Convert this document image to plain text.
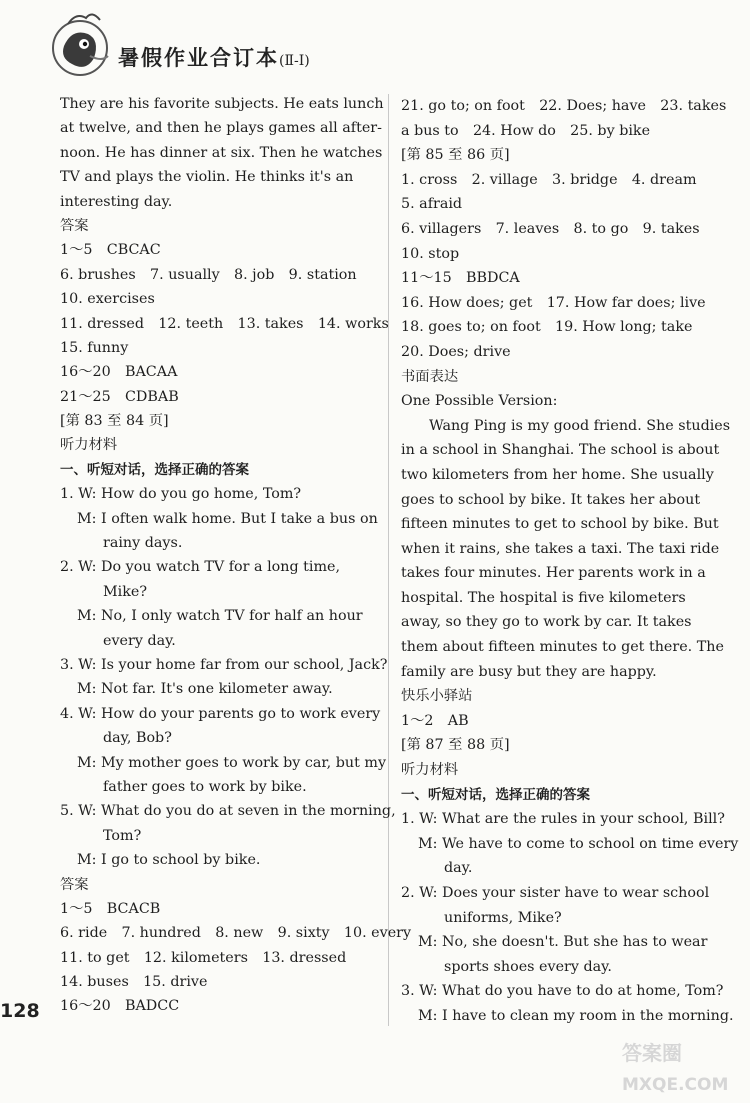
暑假作业合订本(Ⅱ-Ⅰ)
They are his favorite subjects. He eats lunch
at twelve, and then he plays games all after-
noon. He has dinner at six. Then he watches
TV and plays the violin. He thinks it's an
interesting day.
答案
1～5　CBCAC
6. brushes　7. usually　8. job　9. station
10. exercises
11. dressed　12. teeth　13. takes　14. works
15. funny
16～20　BACAA
21～25　CDBAB
[第 83 至 84 页]
听力材料
一、听短对话，选择正确的答案
1. W: How do you go home, Tom?
M: I often walk home. But I take a bus on
rainy days.
2. W: Do you watch TV for a long time,
Mike?
M: No, I only watch TV for half an hour
every day.
3. W: Is your home far from our school, Jack?
M: Not far. It's one kilometer away.
4. W: How do your parents go to work every
day, Bob?
M: My mother goes to work by car, but my
father goes to work by bike.
5. W: What do you do at seven in the morning,
Tom?
M: I go to school by bike.
答案
1～5　BCACB
6. ride　7. hundred　8. new　9. sixty　10. every
11. to get　12. kilometers　13. dressed
14. buses　15. drive
16～20　BADCC
21. go to; on foot　22. Does; have　23. takes
a bus to　24. How do　25. by bike
[第 85 至 86 页]
1. cross　2. village　3. bridge　4. dream
5. afraid
6. villagers　7. leaves　8. to go　9. takes
10. stop
11～15　BBDCA
16. How does; get　17. How far does; live
18. goes to; on foot　19. How long; take
20. Does; drive
书面表达
One Possible Version:
Wang Ping is my good friend. She studies
in a school in Shanghai. The school is about
two kilometers from her home. She usually
goes to school by bike. It takes her about
fifteen minutes to get to school by bike. But
when it rains, she takes a taxi. The taxi ride
takes four minutes. Her parents work in a
hospital. The hospital is five kilometers
away, so they go to work by car. It takes
them about fifteen minutes to get there. The
family are busy but they are happy.
快乐小驿站
1～2　AB
[第 87 至 88 页]
听力材料
一、听短对话，选择正确的答案
1. W: What are the rules in your school, Bill?
M: We have to come to school on time every
day.
2. W: Does your sister have to wear school
uniforms, Mike?
M: No, she doesn't. But she has to wear
sports shoes every day.
3. W: What do you have to do at home, Tom?
M: I have to clean my room in the morning.
128
答案圈
MXQE.COM
